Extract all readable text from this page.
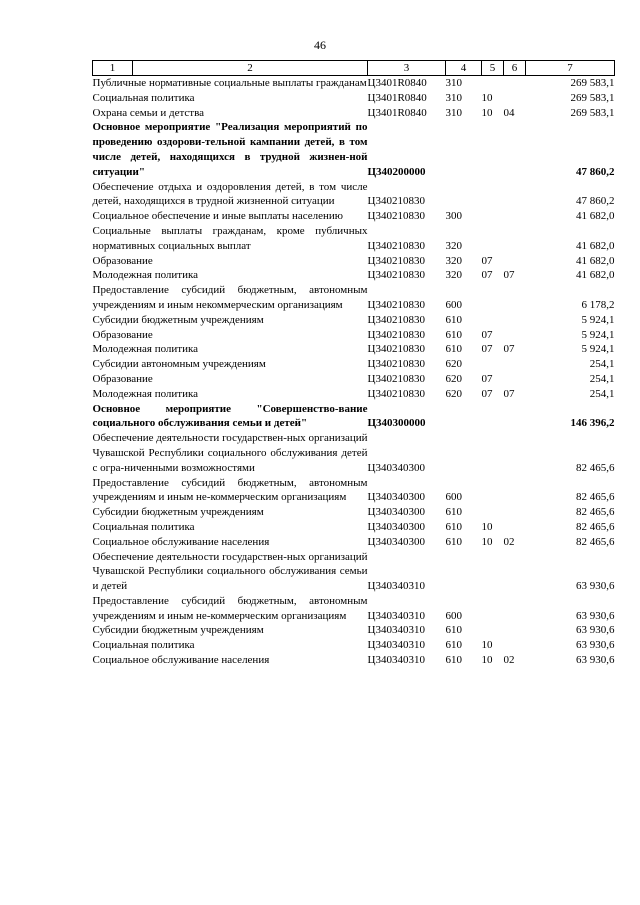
46
1	2	3	4	5	6	7
Публичные нормативные социальные выплаты гражданам		Ц3401R0840	310			269 583,1
Социальная политика		Ц3401R0840	310	10		269 583,1
Охрана семьи и детства		Ц3401R0840	310	10	04	269 583,1
Основное мероприятие "Реализация мероприятий по проведению оздорови-тельной кампании детей, в том числе детей, находящихся в трудной жизнен-ной ситуации"		Ц340200000				47 860,2
Обеспечение отдыха и оздоровления детей, в том числе детей, находящихся в трудной жизненной ситуации		Ц340210830				47 860,2
Социальное обеспечение и иные выплаты населению		Ц340210830	300			41 682,0
Социальные выплаты гражданам, кроме публичных нормативных социальных выплат		Ц340210830	320			41 682,0
Образование		Ц340210830	320	07		41 682,0
Молодежная политика		Ц340210830	320	07	07	41 682,0
Предоставление субсидий бюджетным, автономным учреждениям и иным некоммерческим организациям		Ц340210830	600			6 178,2
Субсидии бюджетным учреждениям		Ц340210830	610			5 924,1
Образование		Ц340210830	610	07		5 924,1
Молодежная политика		Ц340210830	610	07	07	5 924,1
Субсидии автономным учреждениям		Ц340210830	620			254,1
Образование		Ц340210830	620	07		254,1
Молодежная политика		Ц340210830	620	07	07	254,1
Основное мероприятие "Совершенство-вание социального обслуживания семьи и детей"		Ц340300000				146 396,2
Обеспечение деятельности государствен-ных организаций Чувашской Республики социального обслуживания детей с огра-ниченными возможностями		Ц340340300				82 465,6
Предоставление субсидий бюджетным, автономным учреждениям и иным не-коммерческим организациям		Ц340340300	600			82 465,6
Субсидии бюджетным учреждениям		Ц340340300	610			82 465,6
Социальная политика		Ц340340300	610	10		82 465,6
Социальное обслуживание населения		Ц340340300	610	10	02	82 465,6
Обеспечение деятельности государствен-ных организаций Чувашской Республики социального обслуживания семьи и детей		Ц340340310				63 930,6
Предоставление субсидий бюджетным, автономным учреждениям и иным не-коммерческим организациям		Ц340340310	600			63 930,6
Субсидии бюджетным учреждениям		Ц340340310	610			63 930,6
Социальная политика		Ц340340310	610	10		63 930,6
Социальное обслуживание населения		Ц340340310	610	10	02	63 930,6
